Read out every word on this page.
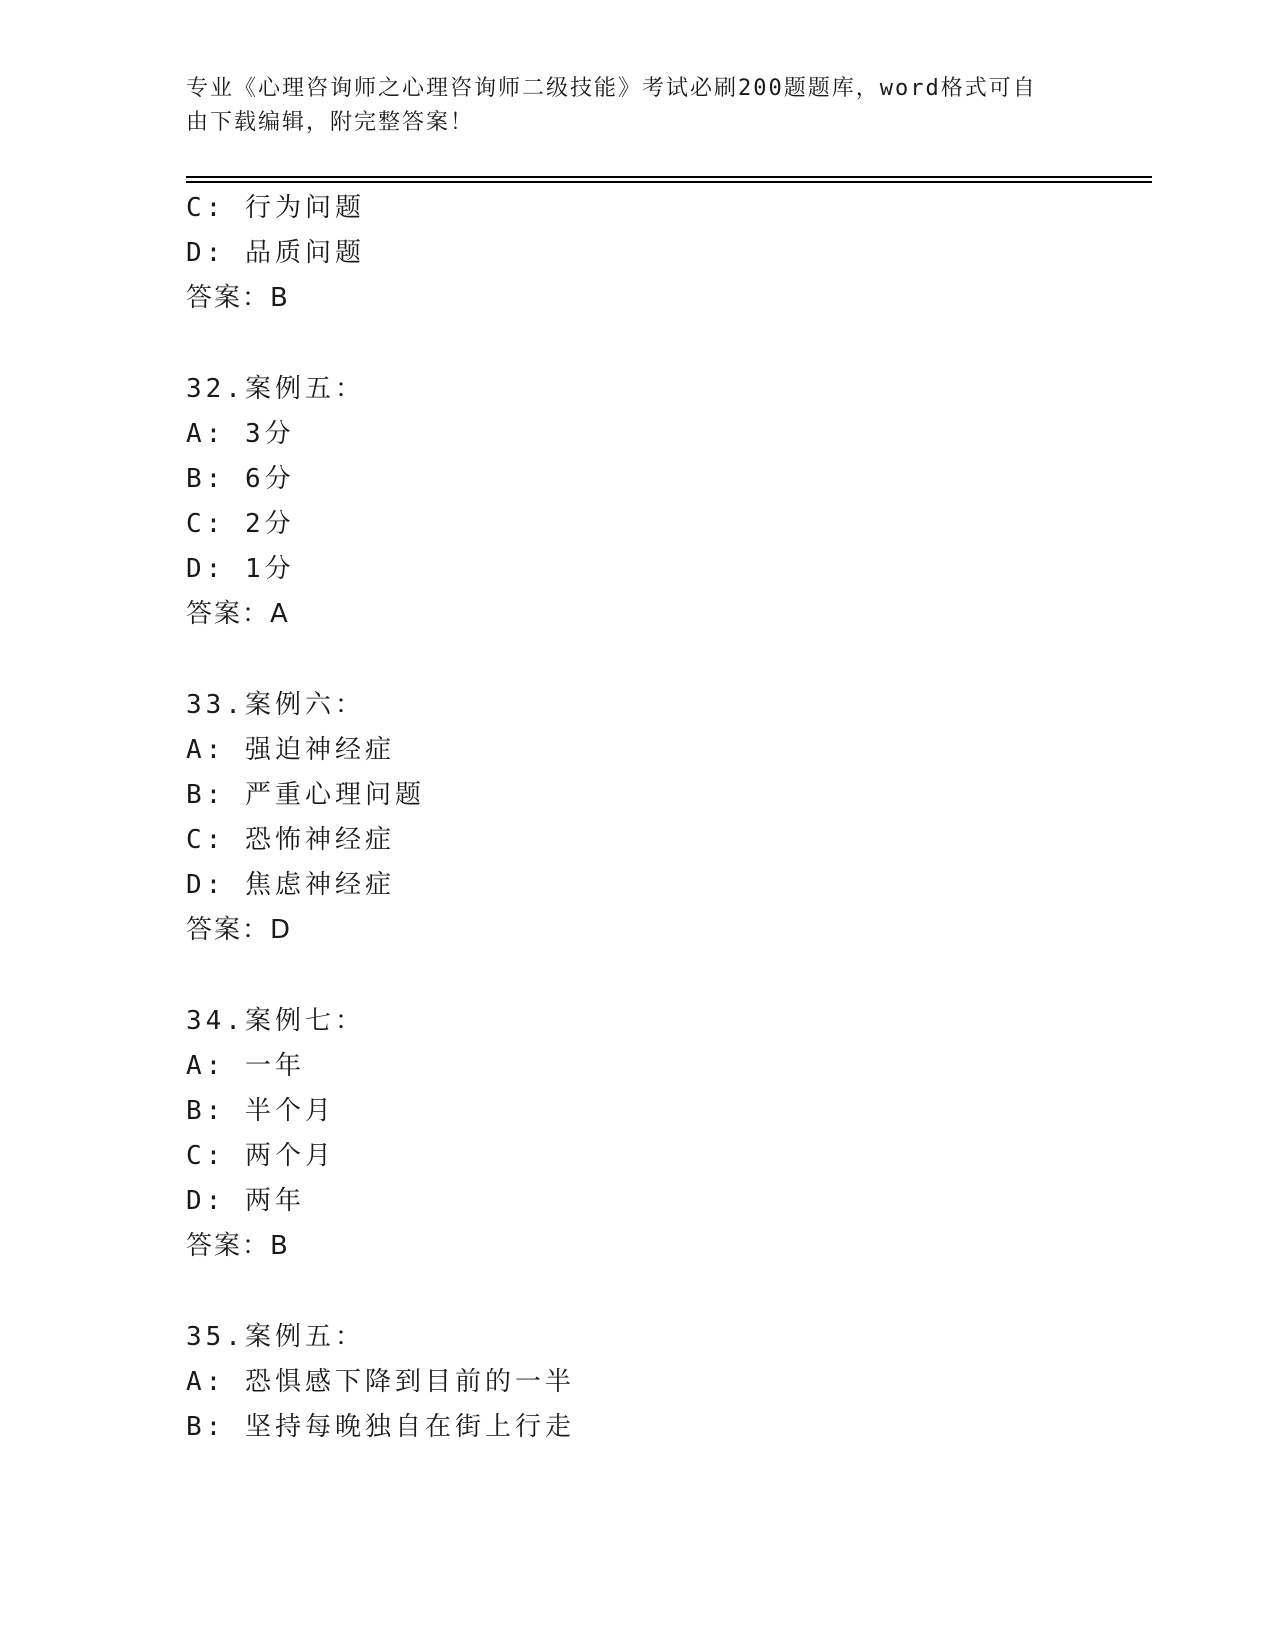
专业《心理咨询师之心理咨询师二级技能》考试必刷200题题库，word格式可自
由下载编辑，附完整答案！
C: 行为问题
D: 品质问题
答案：B
32.案例五：
A: 3分
B: 6分
C: 2分
D: 1分
答案：A
33.案例六：
A: 强迫神经症
B: 严重心理问题
C: 恐怖神经症
D: 焦虑神经症
答案：D
34.案例七：
A: 一年
B: 半个月
C: 两个月
D: 两年
答案：B
35.案例五：
A: 恐惧感下降到目前的一半
B: 坚持每晚独自在街上行走
